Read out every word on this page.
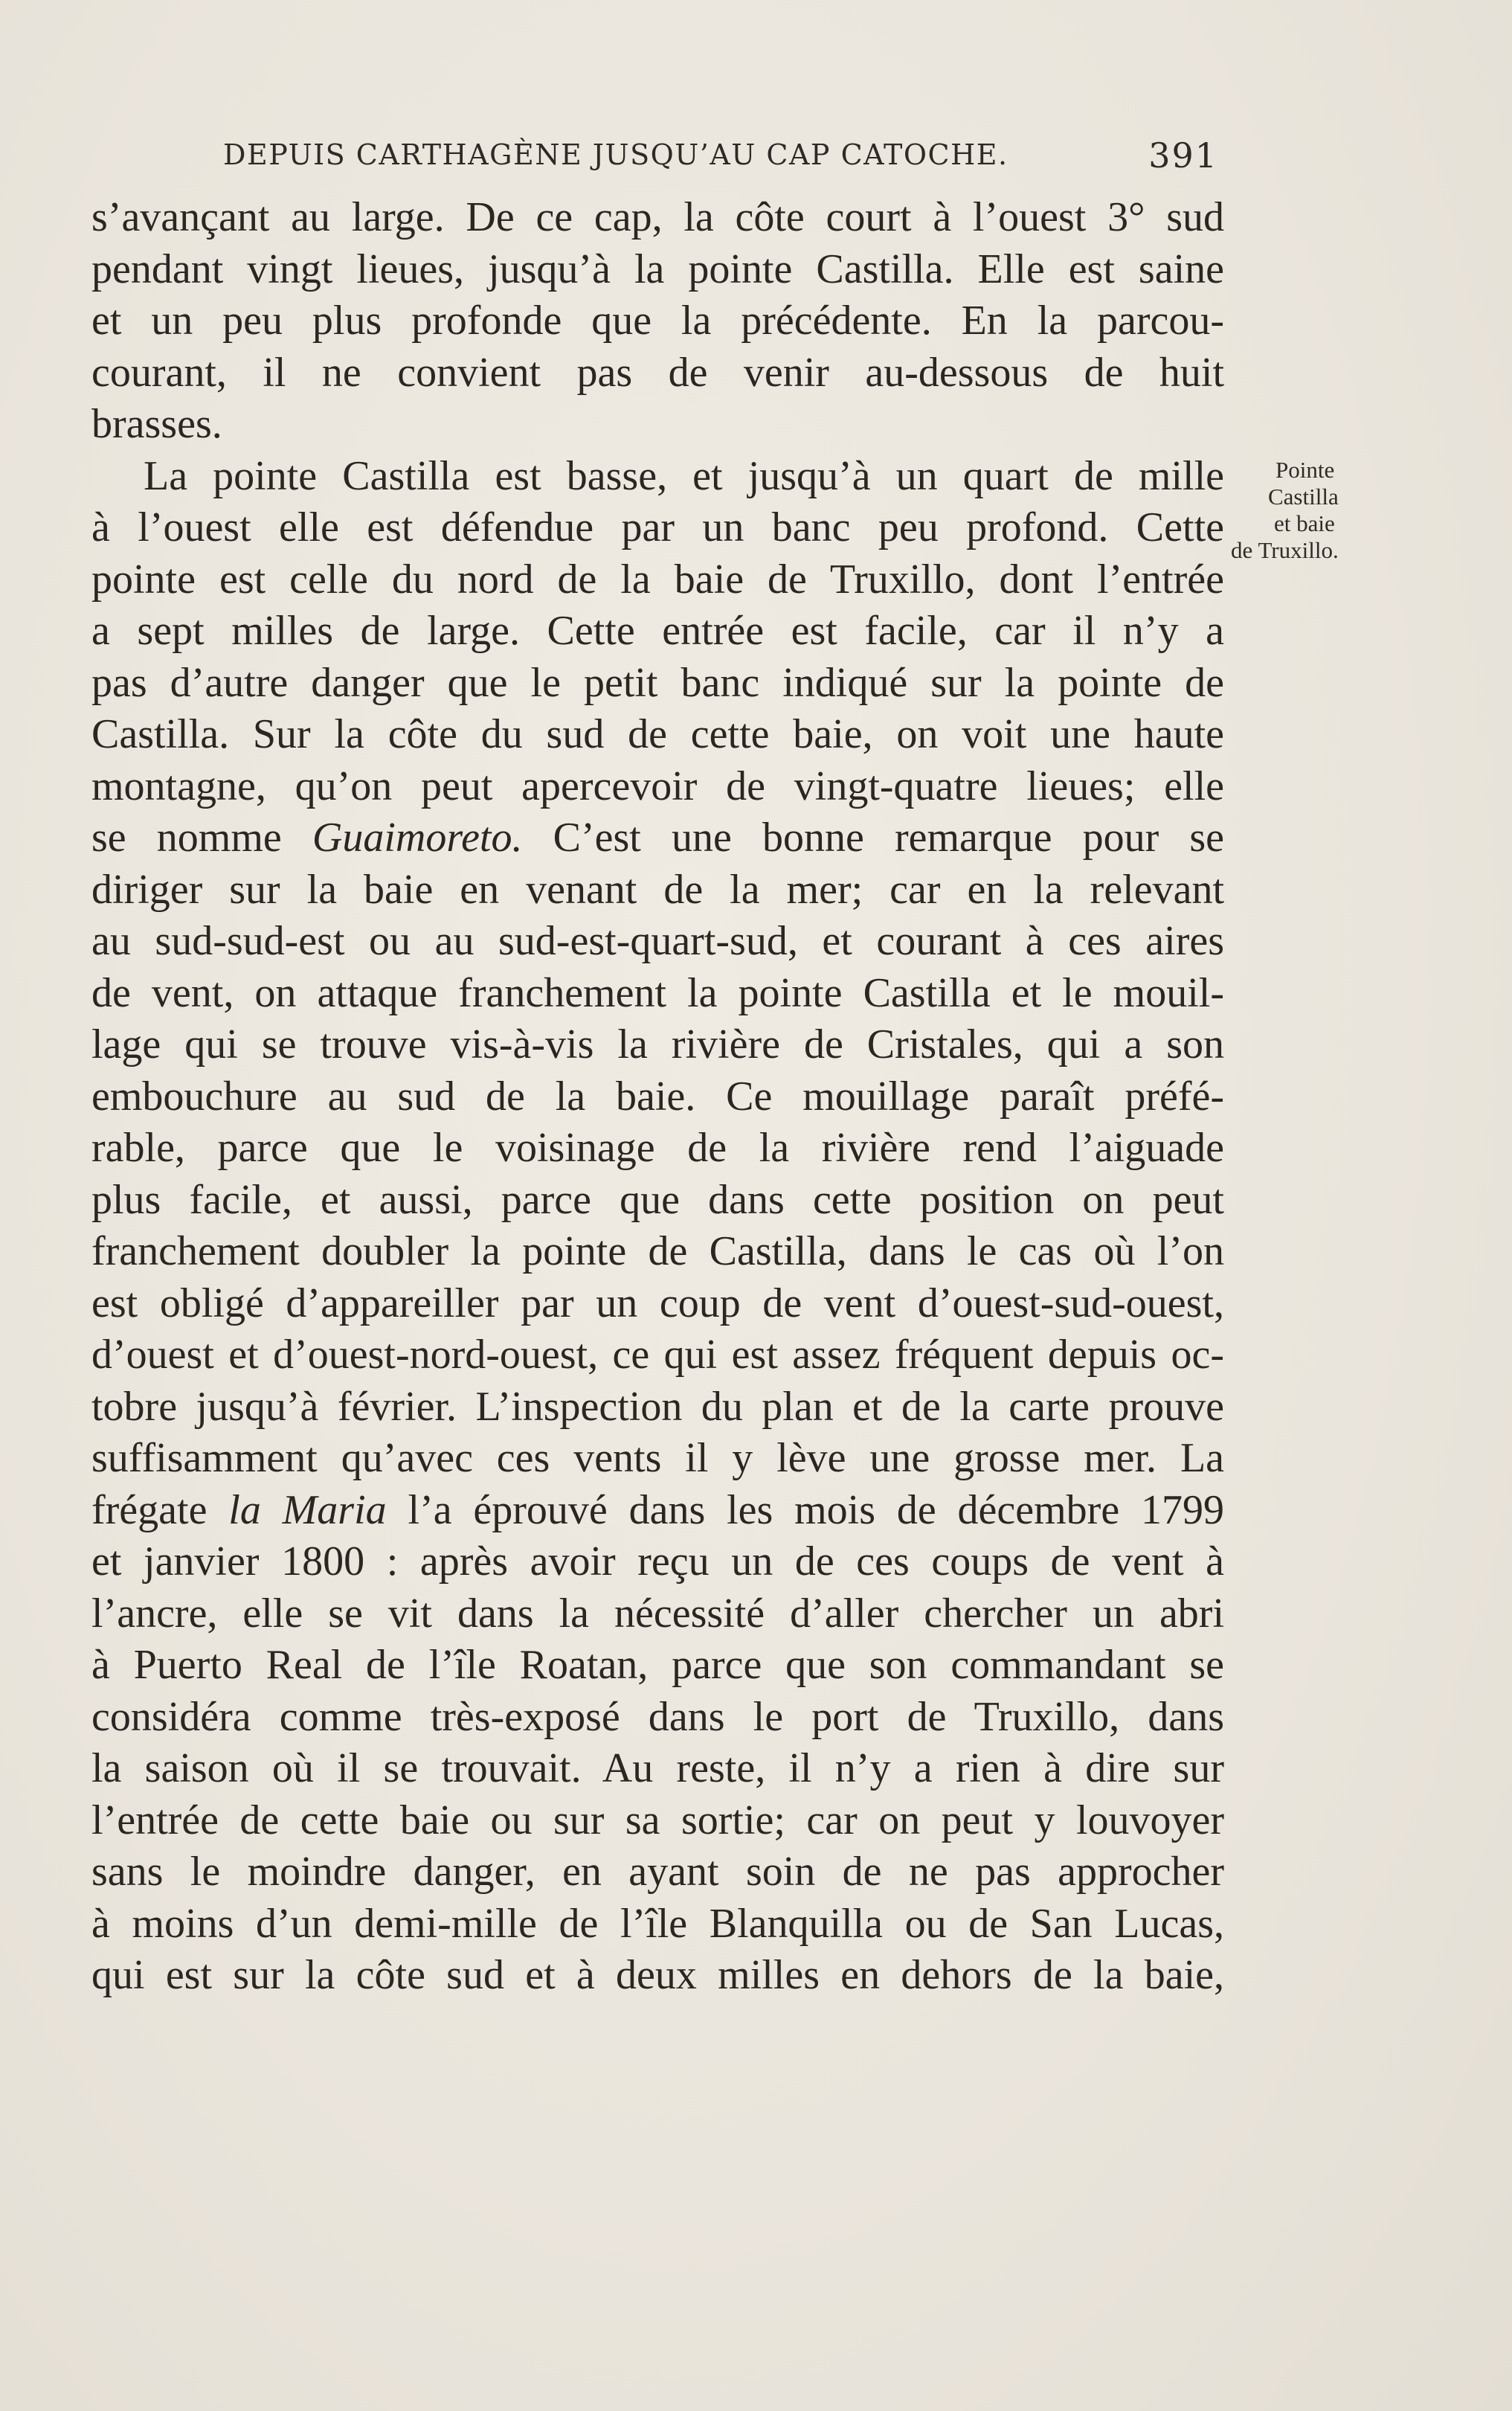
DEPUIS CARTHAGÈNE JUSQU’AU CAP CATOCHE.	391
Pointe
Castilla
et baie
de Truxillo.
s’avançant au large. De ce cap, la côte court à l’ouest 3° sud
pendant vingt lieues, jusqu’à la pointe Castilla. Elle est saine
et un peu plus profonde que la précédente. En la parcou-
courant, il ne convient pas de venir au-dessous de huit
brasses.
La pointe Castilla est basse, et jusqu’à un quart de mille
à l’ouest elle est défendue par un banc peu profond. Cette
pointe est celle du nord de la baie de Truxillo, dont l’entrée
a sept milles de large. Cette entrée est facile, car il n’y a
pas d’autre danger que le petit banc indiqué sur la pointe de
Castilla. Sur la côte du sud de cette baie, on voit une haute
montagne, qu’on peut apercevoir de vingt-quatre lieues; elle
se nomme Guaimoreto. C’est une bonne remarque pour se
diriger sur la baie en venant de la mer; car en la relevant
au sud-sud-est ou au sud-est-quart-sud, et courant à ces aires
de vent, on attaque franchement la pointe Castilla et le mouil-
lage qui se trouve vis-à-vis la rivière de Cristales, qui a son
embouchure au sud de la baie. Ce mouillage paraît préfé-
rable, parce que le voisinage de la rivière rend l’aiguade
plus facile, et aussi, parce que dans cette position on peut
franchement doubler la pointe de Castilla, dans le cas où l’on
est obligé d’appareiller par un coup de vent d’ouest-sud-ouest,
d’ouest et d’ouest-nord-ouest, ce qui est assez fréquent depuis oc-
tobre jusqu’à février. L’inspection du plan et de la carte prouve
suffisamment qu’avec ces vents il y lève une grosse mer. La
frégate la Maria l’a éprouvé dans les mois de décembre 1799
et janvier 1800 : après avoir reçu un de ces coups de vent à
l’ancre, elle se vit dans la nécessité d’aller chercher un abri
à Puerto Real de l’île Roatan, parce que son commandant se
considéra comme très-exposé dans le port de Truxillo, dans
la saison où il se trouvait. Au reste, il n’y a rien à dire sur
l’entrée de cette baie ou sur sa sortie; car on peut y louvoyer
sans le moindre danger, en ayant soin de ne pas approcher
à moins d’un demi-mille de l’île Blanquilla ou de San Lucas,
qui est sur la côte sud et à deux milles en dehors de la baie,
